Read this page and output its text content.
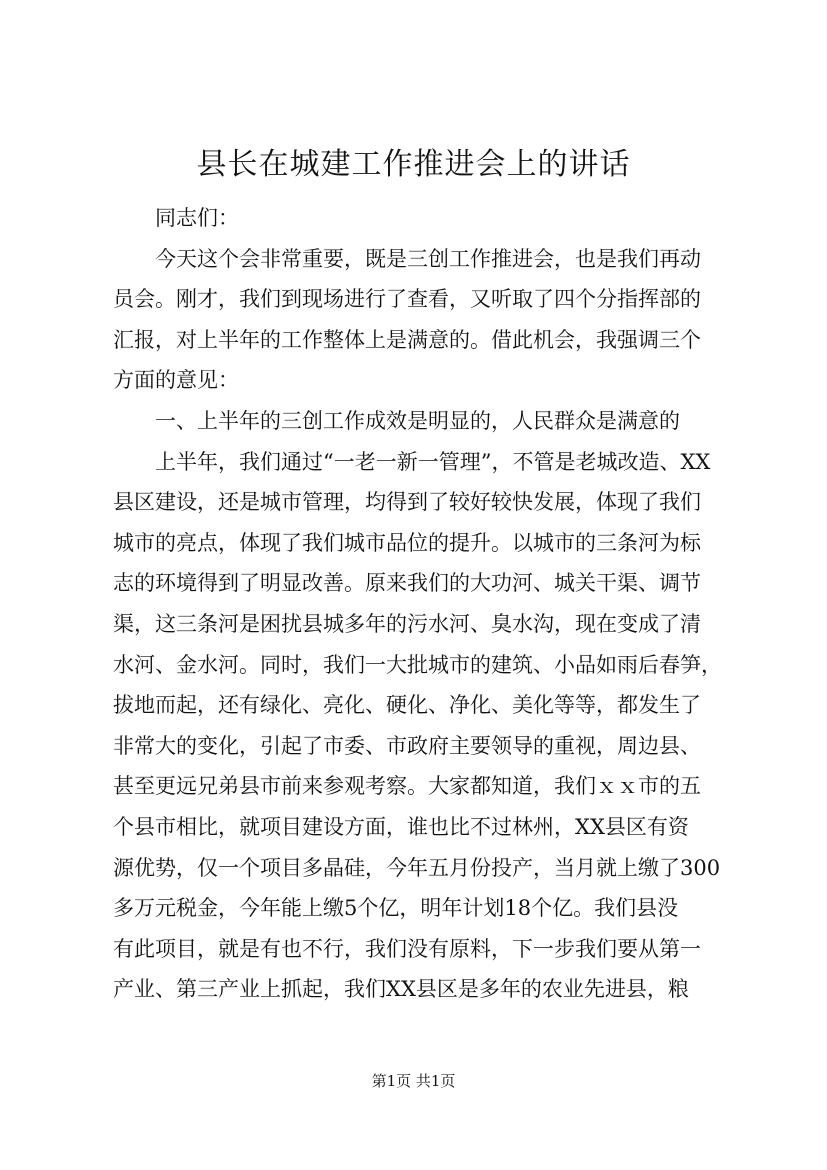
县长在城建工作推进会上的讲话
同志们：
今天这个会非常重要，既是三创工作推进会，也是我们再动
员会。刚才，我们到现场进行了查看，又听取了四个分指挥部的
汇报，对上半年的工作整体上是满意的。借此机会，我强调三个
方面的意见：
一、上半年的三创工作成效是明显的，人民群众是满意的
上半年，我们通过“一老一新一管理”，不管是老城改造、XX
县区建设，还是城市管理，均得到了较好较快发展，体现了我们
城市的亮点，体现了我们城市品位的提升。以城市的三条河为标
志的环境得到了明显改善。原来我们的大功河、城关干渠、调节
渠，这三条河是困扰县城多年的污水河、臭水沟，现在变成了清
水河、金水河。同时，我们一大批城市的建筑、小品如雨后春笋，
拔地而起，还有绿化、亮化、硬化、净化、美化等等，都发生了
非常大的变化，引起了市委、市政府主要领导的重视，周边县、
甚至更远兄弟县市前来参观考察。大家都知道，我们ｘｘ市的五
个县市相比，就项目建设方面，谁也比不过林州，XX县区有资
源优势，仅一个项目多晶硅，今年五月份投产，当月就上缴了300
多万元税金，今年能上缴5个亿，明年计划18个亿。我们县没
有此项目，就是有也不行，我们没有原料，下一步我们要从第一
产业、第三产业上抓起，我们XX县区是多年的农业先进县，粮
第1页 共1页
